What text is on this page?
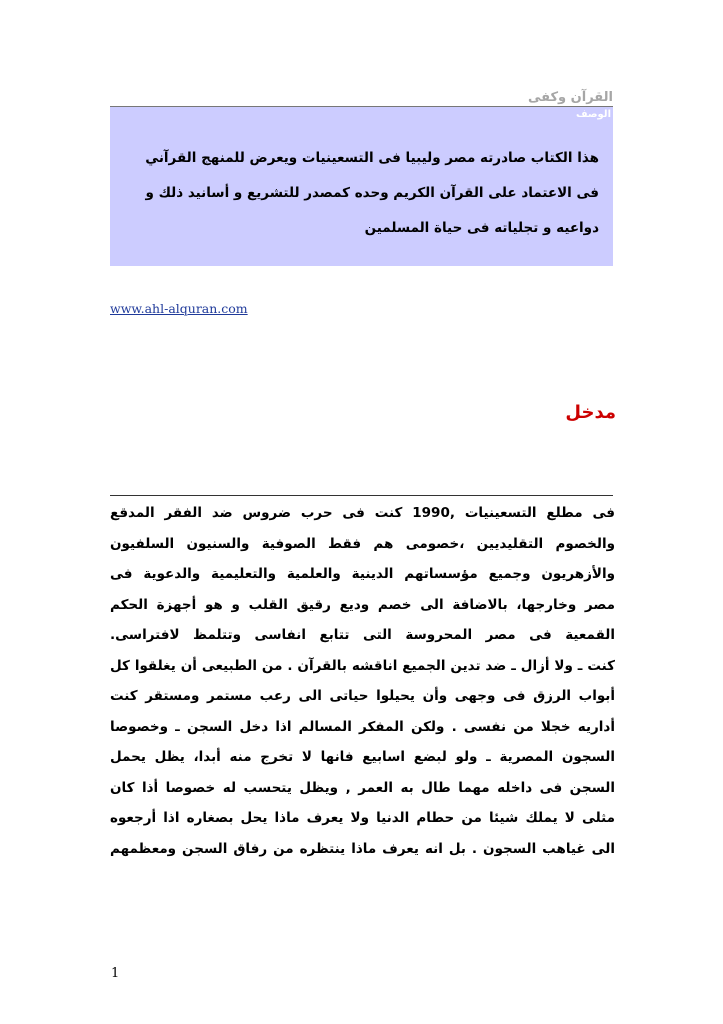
القرآن وكفى
الوصف
هذا الكتاب صادرته مصر وليبيا فى التسعينيات ويعرض للمنهج القرآني
فى الاعتماد على القرآن الكريم وحده كمصدر للتشريع و أسانيد ذلك و
دواعيه و تجلياته فى حياة المسلمين
www.ahl-alquran.com
مدخل
فى مطلع التسعينيات ,1990 كنت فى حرب ضروس ضد الفقر المدقع
والخصوم التقليديين ،خصومى هم فقط الصوفية والسنيون السلفيون
والأزهريون وجميع مؤسساتهم الدينية والعلمية والتعليمية والدعوية فى
مصر وخارجها، بالاضافة الى خصم وديع رقيق القلب و هو أجهزة الحكم
القمعية فى مصر المحروسة التى تتابع انفاسى وتتلمظ لافتراسى.
كنت ـ ولا أزال ـ ضد تدين الجميع اناقشه بالقرآن . من الطبيعى أن يغلقوا كل
أبواب الرزق فى وجهى وأن يحيلوا حياتى الى رعب مستمر ومستقر كنت
أداريه خجلا من نفسى . ولكن المفكر المسالم اذا دخل السجن ـ وخصوصا
السجون المصرية ـ ولو لبضع اسابيع فانها لا تخرج منه أبدا، يظل يحمل
السجن فى داخله مهما طال به العمر , ويظل يتحسب له خصوصا أذا كان
مثلى لا يملك شيئا من حطام الدنيا ولا يعرف ماذا يحل بصغاره اذا أرجعوه
الى غياهب السجون . بل انه يعرف ماذا ينتظره من رفاق السجن ومعظمهم
1
